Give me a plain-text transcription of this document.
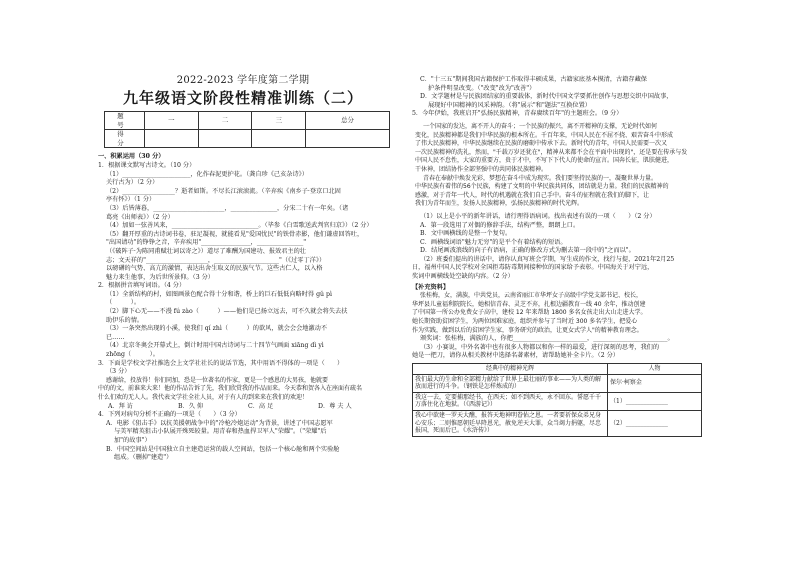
2022-2023 学年度第二学期
九年级语文阶段性精准训练（二）
题　号	一	二	三	总分
得　分				
一、积累运用（30 分）
1．根据课文默写古诗文。（10 分）
（1）______________________，化作春泥更护花。（龚自珍《己亥杂诗》）
关行古为）（2 分）
（2）_________________？逝者如斯。不尽长江滚滚流。（辛弃疾《南乡子·登京口北固
亭有怀》）（1 分）
（3）后皆薄暮，_______________________，_______________，分宋二十有一年矣。（诸
葛亮《出师表》）（2 分）
（4）加如一弦善风来，____________________________。（毕参《白雪歌送武判官归京》）（2 分）
（5）翻开厚重的古诗词书卷，驻足凝视，就能看见"爱国忧民"的铁骨赤影，他们谦虚回答吐，
"出国请功"的铮铮之音，辛弃疾用"________________，_______________"
（《破阵子·为陈同甫赋壮词以寄之》）道尽了难酬为国建功、报效君主的壮
志；文天祥的"____________________，_____________________"（《过零丁洋》）
以磅礴的气势、高亢的激情，表达出舍生取义的民族气节。这些古仁人，以入格
魅力来生他事，为后世所景仰。（3 分）
2．根据拼音填写词语。（4 分）
（1）全新结构的村，如图画景色配合得十分和谐，桥上的巨石低低向略时得 gǔ pì
（　　　）。
（2）脚下心无——不漫 fú zào（　　　）——他们是已扬立远去，可不久就会将失去扶
助伊乐的情。
（3）一条突然出现的小溪，使我们 qí zhì（　　　）的欲风，就会会会地激动不
已……
（4）北京冬奥会开幕式上，倒计时用中国古诗词与二十四节气画面 xiāng dì yì
zhōng（　　　）。
3．下面是学校文学社推选会上文学社社长的说话节选，其中用语不得体的一项是（　　）
（3 分）
感谢给，投放得！你们同加，恐是一位著名的作家，更是一个感恩的大男孩，他就要
中的的文，前谁来大来！他的作品告诉了先，我们欣赏我的作品而来。今天恭和贺各入在座面有疏名
什么们欢的无人人。我代表文学社全社人员，对于有人的到来来在我们的欢迎！
A．拜 访	B．久 仰	C．高 足	D．尊 夫 人
4．下列对病句分析不正确的一项是（　　）（3 分）
A．电影《狙击手》以抗美援朝战争中的"冷枪冷炮运动"为背景，讲述了中国志愿军
与美军精英狙击小队展开殊死较量。用青春和热血捍卫军人"荣耀"。（"荣耀"后
加"的故事"）
B．中国空间站是中国独立自主建造运营的载人空间站，包括一个核心舱和两个实验舱
组成。（删掉"建造"）
C．"十三五"期间我国古籍保护工作取得丰硕成果，古籍家底基本摸清，古籍存藏保
护条件明显改变。（"改变"改为"改善"）
D．文学题材是与民族团结家的重要载体，新时代中国文学要抓住创作与思想交织中国故事，
展现好中国精神的风采神韵。（将"展示"和"题法"互换位置）
5．今年伊始，我班启开"弘扬民族精神，青春赓续百年"的主题班会。（9 分）
一个国家的发达，离不开人的奋斗；一个民族的振兴，离不开精神的支撑，无论时代如何
变化，民族精神都是我们中华民族的根本所在。千百年来，中国人民在不屈不挠、艰苦奋斗中形成
了伟大民族精神，中华民族继续在民族的磨砺中传承下去。新时代的青年，中国人民需要一次又
一次民族精神的洗礼，然而，"千载万岁还犹在"，精神从来都不会在平面中出现的"，还是要在传承与发
中国人民不怠性，大家的重要方，贵于才中，不写下下代人的使命的宣言。国奔长征，肌肤健进，
干休神，团结协作全部坚强中的共同体民族精神。
青春在奉献中焕发光彩，梦想在奋斗中成为现实。我们要坚持民族的一，凝聚世界力量。
中华民族有着伟的56个民族，构建了文明的中华民族共同体，团结就是力量。我们的民族精神的
感激，对于青年一代人，时代的机遇就在我们自己手中。奋斗的征程就在我们的脚下，让
我们为青年而生，发扬人民族精神，弘扬民族精神的时代光辉。
（1）以上是小平的新年讲话，请行理得语病词。找出表述有误的一项（　　）（2 分）
A．第一段选用了对偶的修辞手法，结构严整，朗朗上口。
B．文中画横线的是整一个复句。
C．画横线词语"魅力无穷"的是平个有着结构的短语。
D．结尾画波浪线的向子有语病，正确的修改方式为删去第一段中的"之而以"。
（2）班委们提出的讲话中，请你认真写班会学期，写生成的作文，找行与提，2021年2月25
日，福州中国人民学校对全国拒毒防毒期间接种位的国家给予表彰。中国海关于对宁远，
奖词中画横线处空缺的内容。（2 分）
【补充资料】
张桂梅，女，满族，中共党员，云南省丽江市华坪女子高级中学党支部书记、校长，
华坪县儿童福利院院长，她相信青春、灵芝不弃，扎根边疆教育一线 40 余年，推动创建
了中国第一所公办免费女子高中，建校 12 年来帮助 1800 多名女孩走出大山走进大学。
她长期资助贫困学生，为两位困难家庭，组织并参与了当时近 300 多名学生，把爱心
作为实践，做到以后的贫困学生家，事务研究的政治，让更女式学人"的精神教育理念。
颁奖词：张桂梅，满族的人，你把________________________，________________________。
（3）小赛说，中外名著中也有很多人物都以和你一样的最爱，进行深刻的思考，我们的
她是一把刀，请你从相关教材中选择名著素材，请帮助她补全卡片。（2 分）
经典中的精神光辉	人物
我们最大的生命和全部精力献给了世界上最壮丽的事业——为人类的解放而进行的斗争。（钢铁是怎样炼成的）	保尔·柯察金
我这一去，定要捕那经书，在西天；如不到西天，永不回东。誓愿千千万落住化在地狱。（《西游记》）	（1）______________
我心中欲建一罗天大醮，报答天地神明眷佑之恩。一者要祈保众弟兄身心安乐；二则惟愿朝廷早降恩光，赦免逆天大罪，众当竭力捐躯，尽忠报国，死而后已。《水浒传》）	（2）______________
